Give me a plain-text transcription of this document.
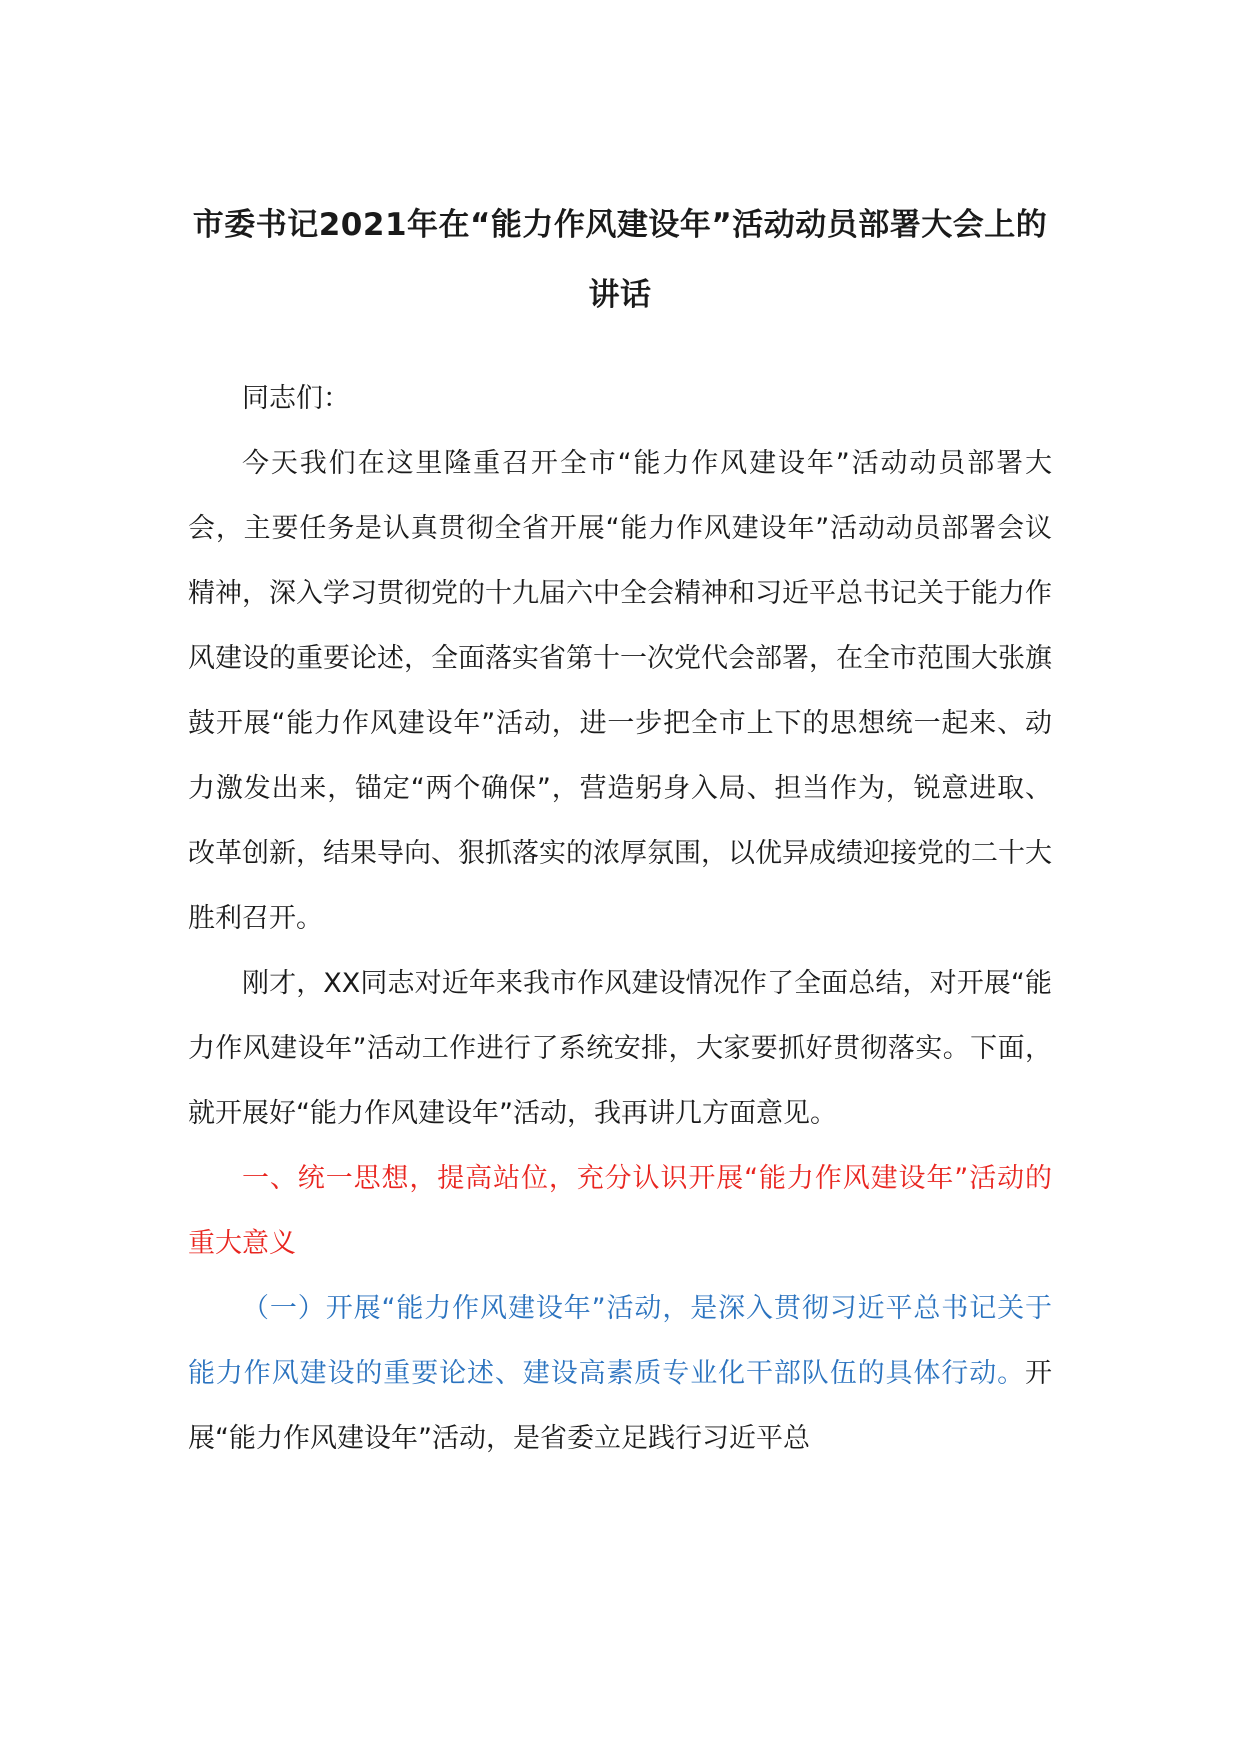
市委书记2021年在“能力作风建设年”活动动员部署大会上的讲话

同志们：

今天我们在这里隆重召开全市“能力作风建设年”活动动员部署大会，主要任务是认真贯彻全省开展“能力作风建设年”活动动员部署会议精神，深入学习贯彻党的十九届六中全会精神和习近平总书记关于能力作风建设的重要论述，全面落实省第十一次党代会部署，在全市范围大张旗鼓开展“能力作风建设年”活动，进一步把全市上下的思想统一起来、动力激发出来，锚定“两个确保”，营造躬身入局、担当作为，锐意进取、改革创新，结果导向、狠抓落实的浓厚氛围，以优异成绩迎接党的二十大胜利召开。

刚才，XX同志对近年来我市作风建设情况作了全面总结，对开展“能力作风建设年”活动工作进行了系统安排，大家要抓好贯彻落实。下面，就开展好“能力作风建设年”活动，我再讲几方面意见。

一、统一思想，提高站位，充分认识开展“能力作风建设年”活动的重大意义

（一）开展“能力作风建设年”活动，是深入贯彻习近平总书记关于能力作风建设的重要论述、建设高素质专业化干部队伍的具体行动。开展“能力作风建设年”活动，是省委立足践行习近平总
